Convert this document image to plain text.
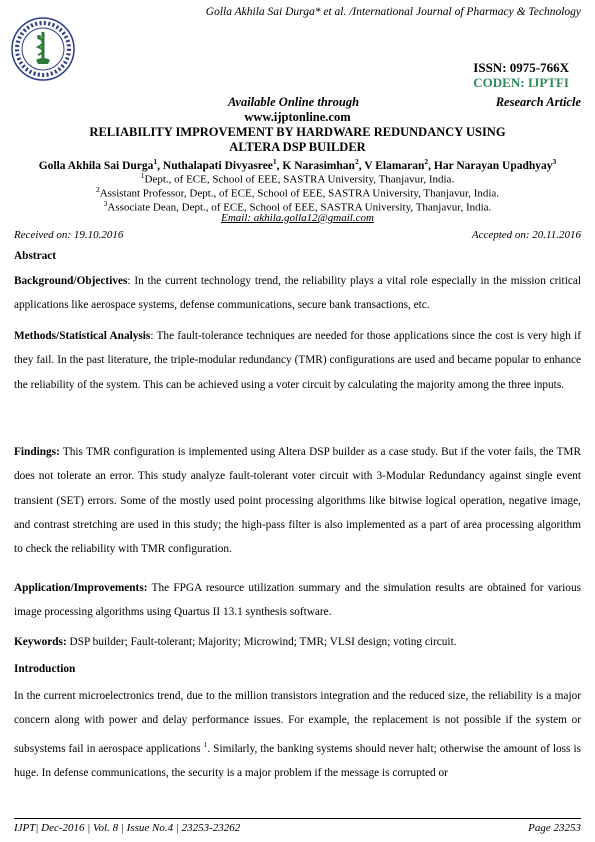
Golla Akhila Sai Durga* et al. /International Journal of Pharmacy & Technology
ISSN: 0975-766X
CODEN: IJPTFI
Available Online through	Research Article
www.ijptonline.com
RELIABILITY IMPROVEMENT BY HARDWARE REDUNDANCY USING
ALTERA DSP BUILDER
Golla Akhila Sai Durga$^1$, Nuthalapati Divyasree$^1$, K Narasimhan$^2$, V Elamaran$^2$, Har Narayan Upadhyay$^3$
$^1$Dept., of ECE, School of EEE, SASTRA University, Thanjavur, India.
$^2$Assistant Professor, Dept., of ECE, School of EEE, SASTRA University, Thanjavur, India.
$^3$Associate Dean, Dept., of ECE, School of EEE, SASTRA University, Thanjavur, India.
Email: akhila.golla12@gmail.com
Received on: 19.10.2016	Accepted on: 20.11.2016
Abstract
Background/Objectives: In the current technology trend, the reliability plays a vital role especially in the mission critical applications like aerospace systems, defense communications, secure bank transactions, etc.
Methods/Statistical Analysis: The fault-tolerance techniques are needed for those applications since the cost is very high if they fail. In the past literature, the triple-modular redundancy (TMR) configurations are used and became popular to enhance the reliability of the system. This can be achieved using a voter circuit by calculating the majority among the three inputs.
Findings: This TMR configuration is implemented using Altera DSP builder as a case study. But if the voter fails, the TMR does not tolerate an error. This study analyze fault-tolerant voter circuit with 3-Modular Redundancy against single event transient (SET) errors. Some of the mostly used point processing algorithms like bitwise logical operation, negative image, and contrast stretching are used in this study; the high-pass filter is also implemented as a part of area processing algorithm to check the reliability with TMR configuration.
Application/Improvements: The FPGA resource utilization summary and the simulation results are obtained for various image processing algorithms using Quartus II 13.1 synthesis software.
Keywords: DSP builder; Fault-tolerant; Majority; Microwind; TMR; VLSI design; voting circuit.
Introduction
In the current microelectronics trend, due to the million transistors integration and the reduced size, the reliability is a major concern along with power and delay performance issues. For example, the replacement is not possible if the system or subsystems fail in aerospace applications $^1$. Similarly, the banking systems should never halt; otherwise the amount of loss is huge. In defense communications, the security is a major problem if the message is corrupted or
IJPT| Dec-2016 | Vol. 8 | Issue No.4 | 23253-23262	Page 23253
